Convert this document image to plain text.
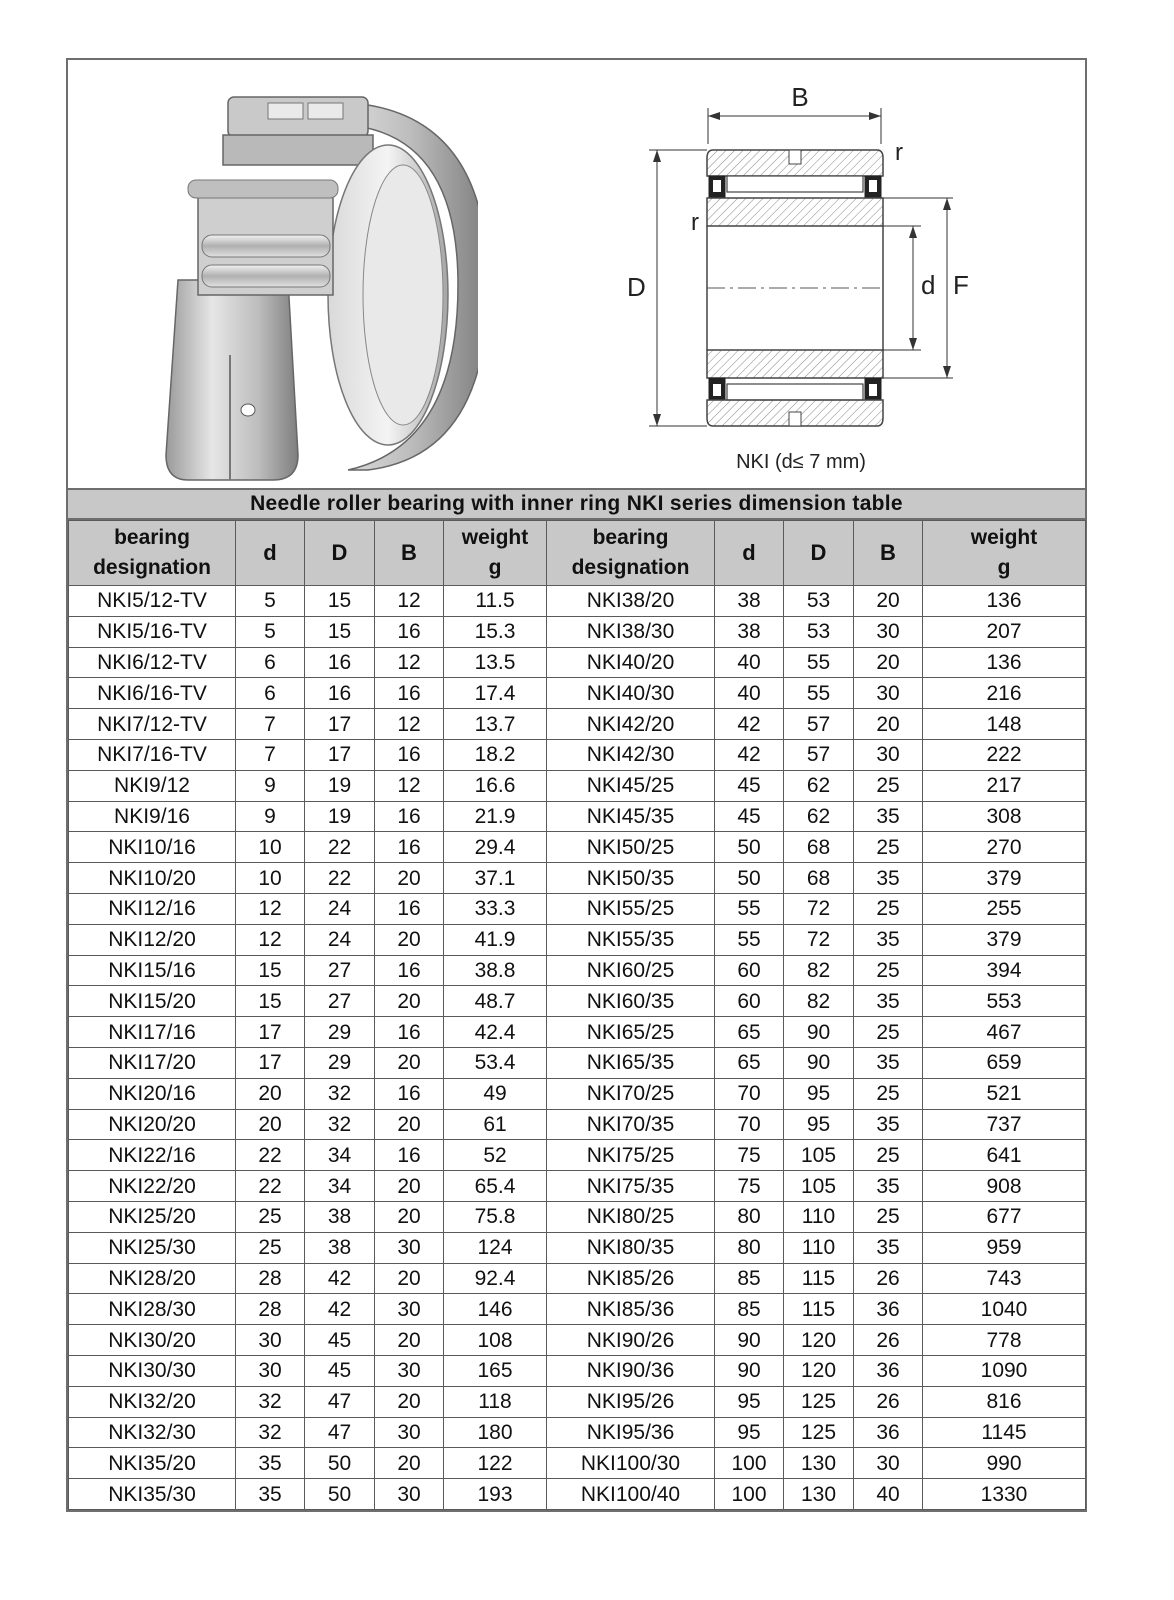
B
r
r
D	d F
NKI (d≤ 7 mm)
Needle roller bearing with inner ring NKI series dimension table
bearing
designation	d	D	B	weight
g	bearing
designation	d	D	B	weight
g
NKI5/12-TV	5	15	12	11.5	NKI38/20	38	53	20	136
NKI5/16-TV	5	15	16	15.3	NKI38/30	38	53	30	207
NKI6/12-TV	6	16	12	13.5	NKI40/20	40	55	20	136
NKI6/16-TV	6	16	16	17.4	NKI40/30	40	55	30	216
NKI7/12-TV	7	17	12	13.7	NKI42/20	42	57	20	148
NKI7/16-TV	7	17	16	18.2	NKI42/30	42	57	30	222
NKI9/12	9	19	12	16.6	NKI45/25	45	62	25	217
NKI9/16	9	19	16	21.9	NKI45/35	45	62	35	308
NKI10/16	10	22	16	29.4	NKI50/25	50	68	25	270
NKI10/20	10	22	20	37.1	NKI50/35	50	68	35	379
NKI12/16	12	24	16	33.3	NKI55/25	55	72	25	255
NKI12/20	12	24	20	41.9	NKI55/35	55	72	35	379
NKI15/16	15	27	16	38.8	NKI60/25	60	82	25	394
NKI15/20	15	27	20	48.7	NKI60/35	60	82	35	553
NKI17/16	17	29	16	42.4	NKI65/25	65	90	25	467
NKI17/20	17	29	20	53.4	NKI65/35	65	90	35	659
NKI20/16	20	32	16	49	NKI70/25	70	95	25	521
NKI20/20	20	32	20	61	NKI70/35	70	95	35	737
NKI22/16	22	34	16	52	NKI75/25	75	105	25	641
NKI22/20	22	34	20	65.4	NKI75/35	75	105	35	908
NKI25/20	25	38	20	75.8	NKI80/25	80	110	25	677
NKI25/30	25	38	30	124	NKI80/35	80	110	35	959
NKI28/20	28	42	20	92.4	NKI85/26	85	115	26	743
NKI28/30	28	42	30	146	NKI85/36	85	115	36	1040
NKI30/20	30	45	20	108	NKI90/26	90	120	26	778
NKI30/30	30	45	30	165	NKI90/36	90	120	36	1090
NKI32/20	32	47	20	118	NKI95/26	95	125	26	816
NKI32/30	32	47	30	180	NKI95/36	95	125	36	1145
NKI35/20	35	50	20	122	NKI100/30	100	130	30	990
NKI35/30	35	50	30	193	NKI100/40	100	130	40	1330
